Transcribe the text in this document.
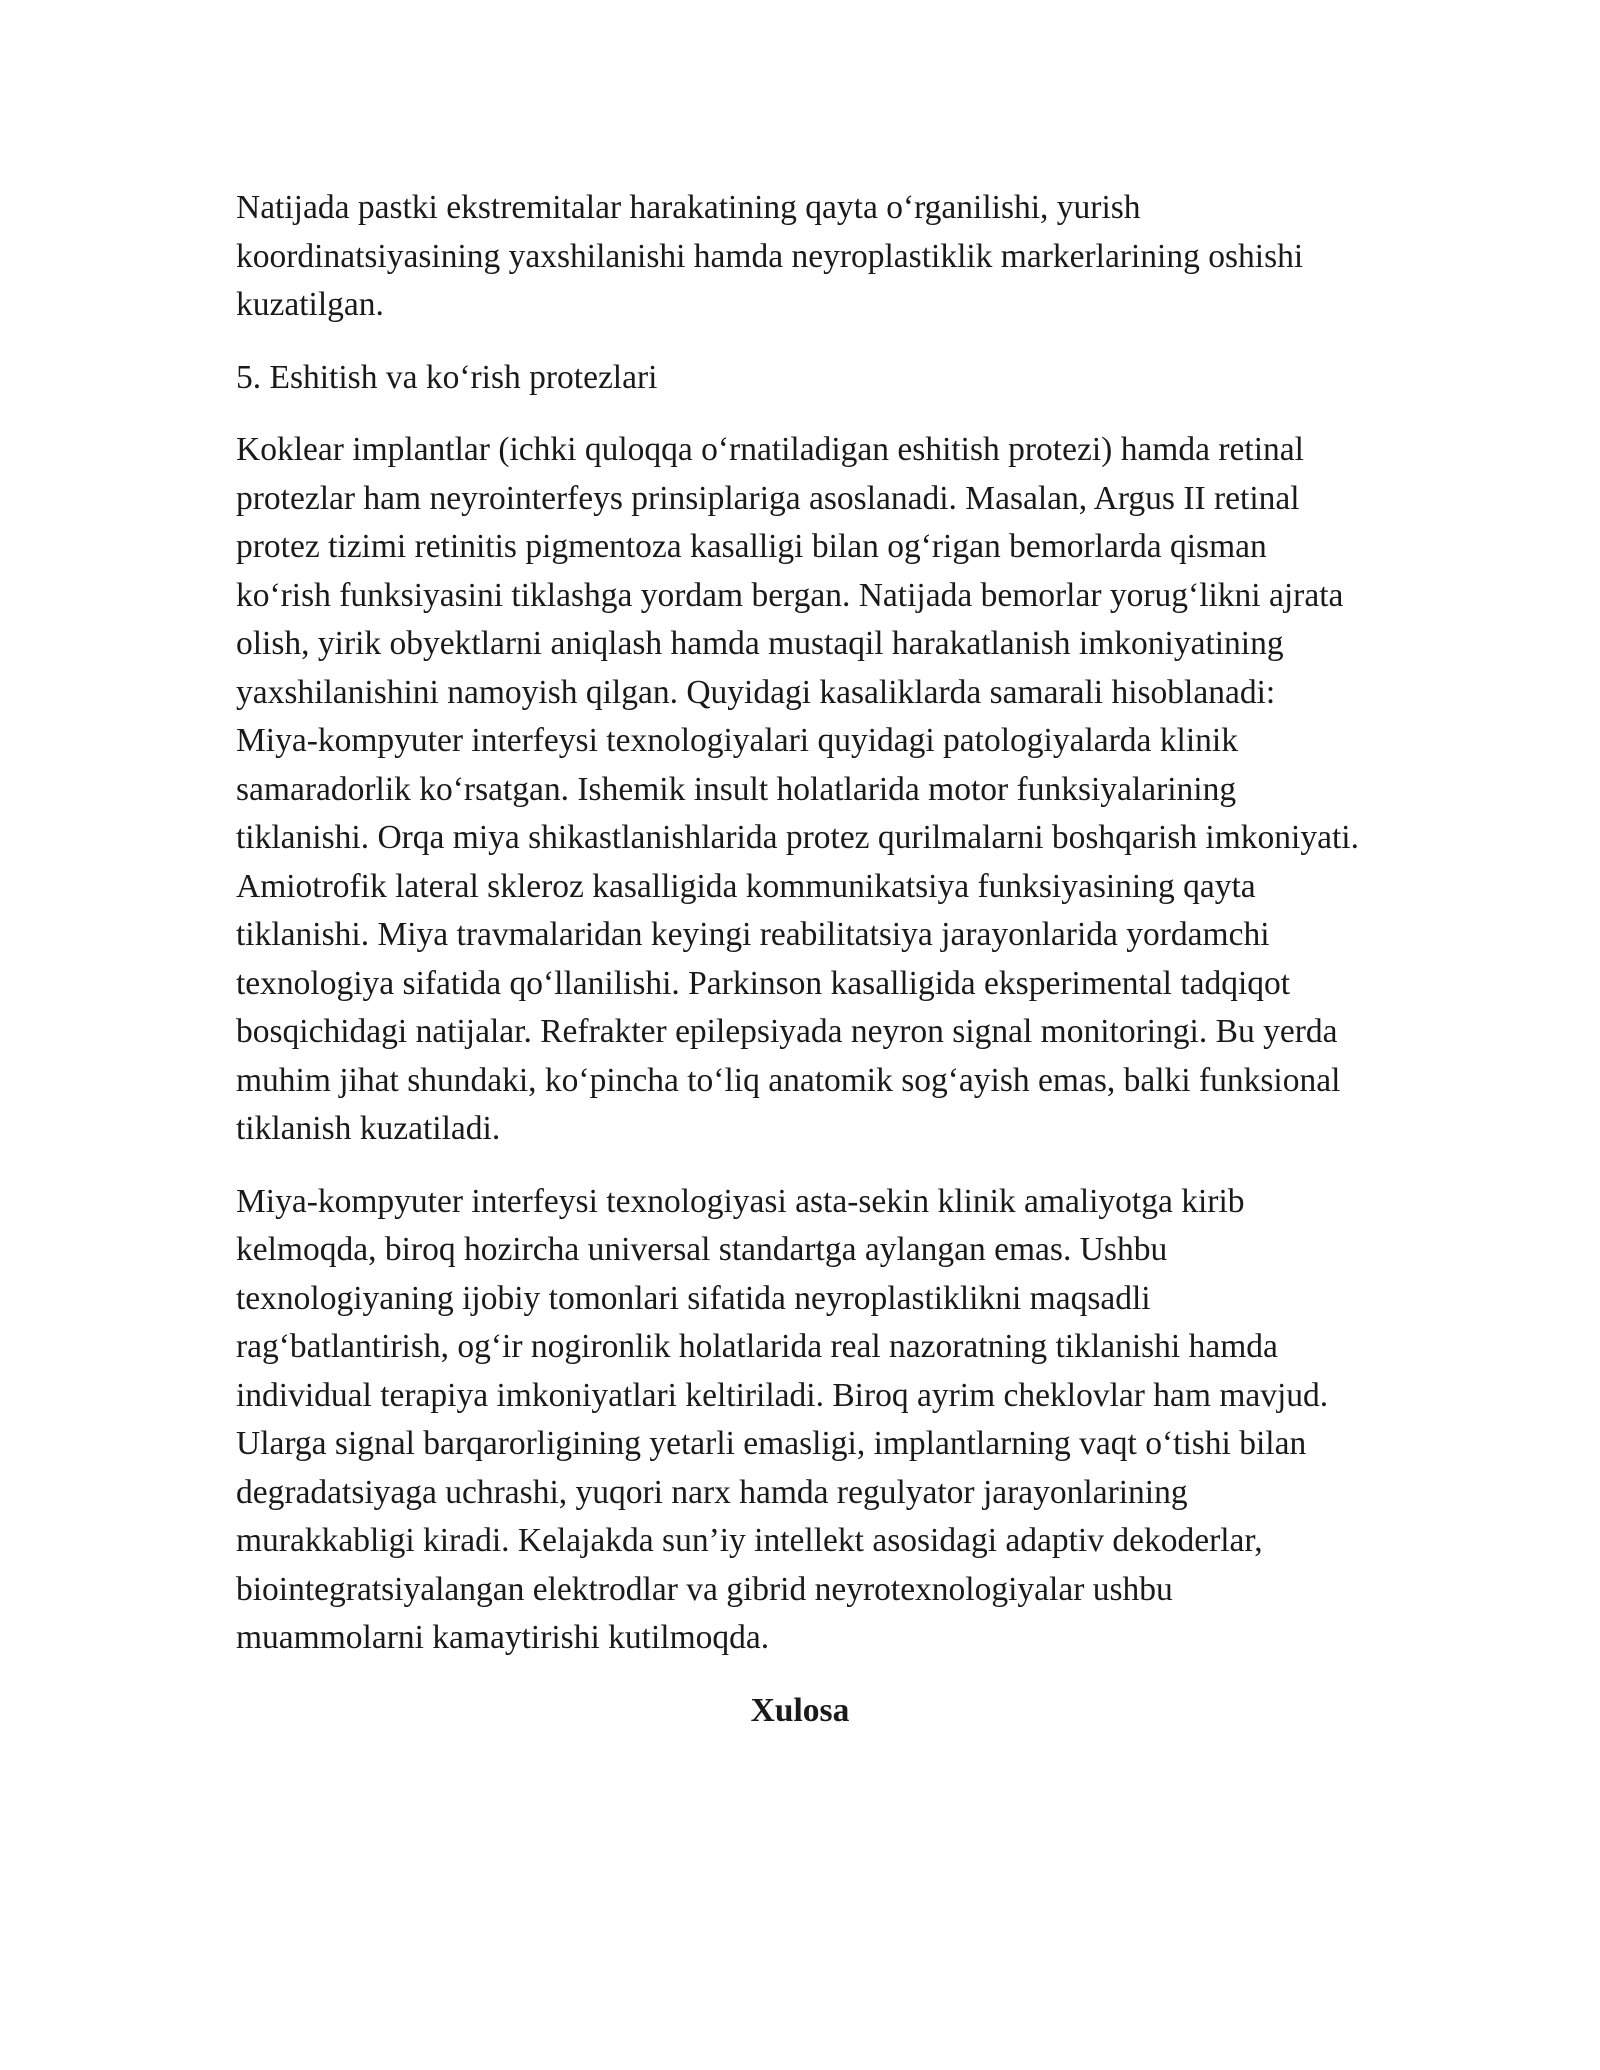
Natijada pastki ekstremitalar harakatining qayta o‘rganilishi, yurish koordinatsiyasining yaxshilanishi hamda neyroplastiklik markerlarining oshishi kuzatilgan.

5. Eshitish va ko‘rish protezlari

Koklear implantlar (ichki quloqqa o‘rnatiladigan eshitish protezi) hamda retinal protezlar ham neyrointerfeys prinsiplariga asoslanadi. Masalan, Argus II retinal protez tizimi retinitis pigmentoza kasalligi bilan og‘rigan bemorlarda qisman ko‘rish funksiyasini tiklashga yordam bergan. Natijada bemorlar yorug‘likni ajrata olish, yirik obyektlarni aniqlash hamda mustaqil harakatlanish imkoniyatining yaxshilanishini namoyish qilgan. Quyidagi kasaliklarda samarali hisoblanadi: Miya-kompyuter interfeysi texnologiyalari quyidagi patologiyalarda klinik samaradorlik ko‘rsatgan. Ishemik insult holatlarida motor funksiyalarining tiklanishi. Orqa miya shikastlanishlarida protez qurilmalarni boshqarish imkoniyati. Amiotrofik lateral skleroz kasalligida kommunikatsiya funksiyasining qayta tiklanishi. Miya travmalaridan keyingi reabilitatsiya jarayonlarida yordamchi texnologiya sifatida qo‘llanilishi. Parkinson kasalligida eksperimental tadqiqot bosqichidagi natijalar. Refrakter epilepsiyada neyron signal monitoringi. Bu yerda muhim jihat shundaki, ko‘pincha to‘liq anatomik sog‘ayish emas, balki funksional tiklanish kuzatiladi.

Miya-kompyuter interfeysi texnologiyasi asta-sekin klinik amaliyotga kirib kelmoqda, biroq hozircha universal standartga aylangan emas. Ushbu texnologiyaning ijobiy tomonlari sifatida neyroplastiklikni maqsadli rag‘batlantirish, og‘ir nogironlik holatlarida real nazoratning tiklanishi hamda individual terapiya imkoniyatlari keltiriladi. Biroq ayrim cheklovlar ham mavjud. Ularga signal barqarorligining yetarli emasligi, implantlarning vaqt o‘tishi bilan degradatsiyaga uchrashi, yuqori narx hamda regulyator jarayonlarining murakkabligi kiradi. Kelajakda sun’iy intellekt asosidagi adaptiv dekoderlar, biointegratsiyalangan elektrodlar va gibrid neyrotexnologiyalar ushbu muammolarni kamaytirishi kutilmoqda.

Xulosa
